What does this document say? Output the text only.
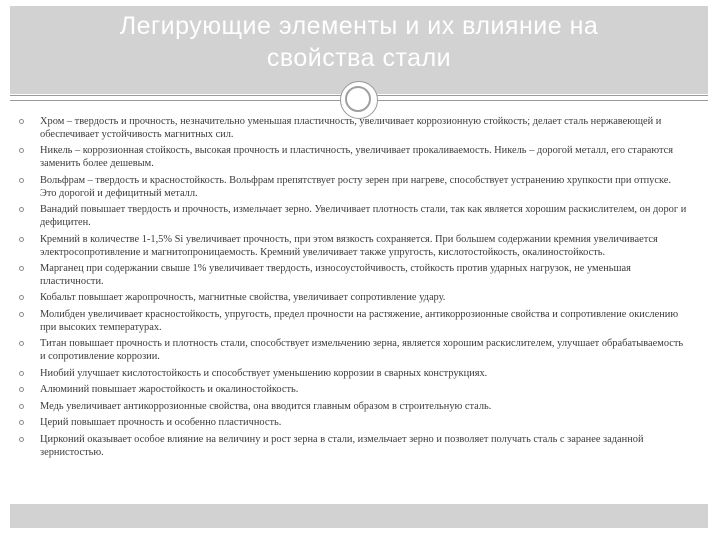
Легирующие элементы и их влияние на
свойства стали
Хром – твердость и прочность, незначительно уменьшая пластичность, увеличивает коррозионную стойкость; делает сталь нержавеющей и обеспечивает устойчивость магнитных сил.
Никель – коррозионная стойкость, высокая прочность и пластичность, увеличивает прокаливаемость. Никель – дорогой металл, его стараются заменить более дешевым.
Вольфрам – твердость и красностойкость. Вольфрам препятствует росту зерен при нагреве, способствует устранению хрупкости при отпуске. Это дорогой и дефицитный металл.
Ванадий повышает твердость и прочность, измельчает зерно. Увеличивает плотность стали, так как является хорошим раскислителем, он дорог и дефицитен.
Кремний в количестве 1-1,5% Si увеличивает прочность, при этом вязкость сохраняется. При большем содержании кремния увеличивается электросопротивление и магнитопроницаемость. Кремний увеличивает также упругость, кислотостойкость, окалиностойкость.
Марганец при содержании свыше 1% увеличивает твердость, износоустойчивость, стойкость против ударных нагрузок, не уменьшая пластичности.
Кобальт повышает жаропрочность, магнитные свойства, увеличивает сопротивление удару.
Молибден увеличивает красностойкость, упругость, предел прочности на растяжение, антикоррозионные свойства и сопротивление окислению при высоких температурах.
Титан повышает прочность и плотность стали, способствует измельчению зерна, является хорошим раскислителем, улучшает обрабатываемость и сопротивление коррозии.
Ниобий улучшает кислотостойкость и способствует уменьшению коррозии в сварных конструкциях.
Алюминий повышает жаростойкость и окалиностойкость.
Медь увеличивает антикоррозионные свойства, она вводится главным образом в строительную сталь.
Церий повышает прочность и особенно пластичность.
Цирконий оказывает особое влияние на величину и рост зерна в стали, измельчает зерно и позволяет получать сталь с заранее заданной зернистостью.
